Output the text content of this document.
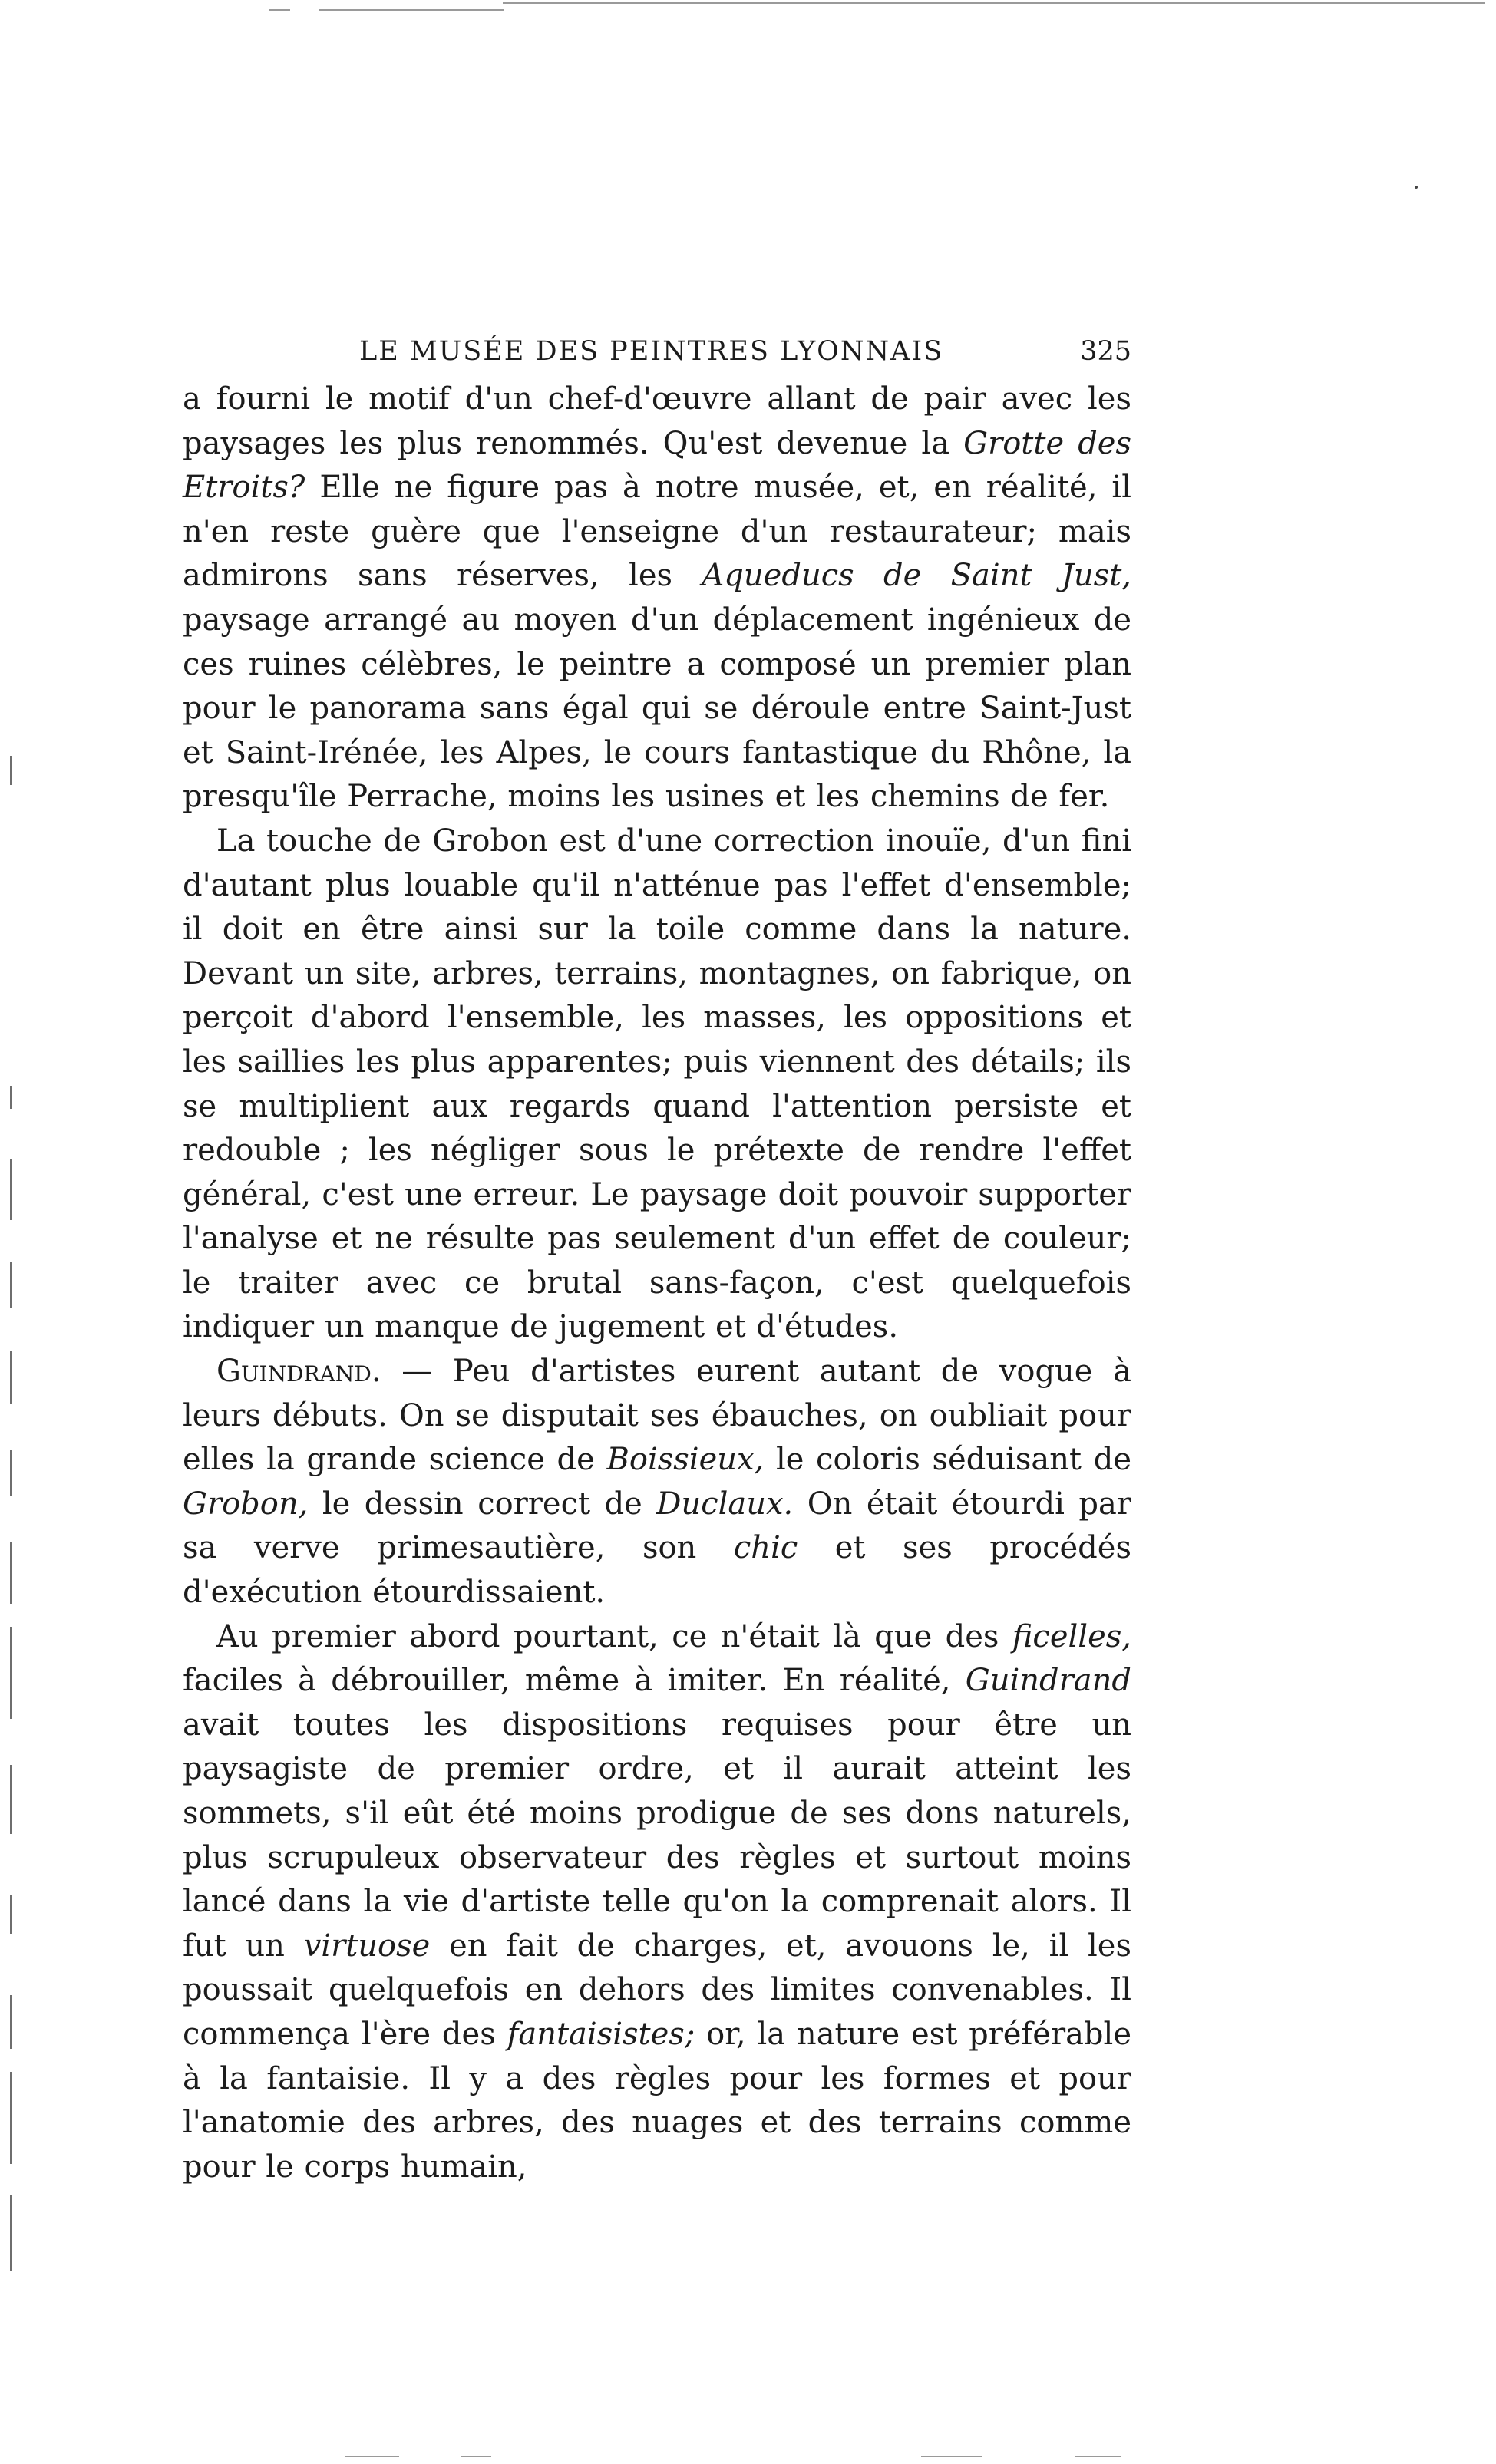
LE MUSÉE DES PEINTRES LYONNAIS	325

a fourni le motif d'un chef-d'œuvre allant de pair avec les paysages les plus renommés. Qu'est devenue la Grotte des Etroits? Elle ne figure pas à notre musée, et, en réalité, il n'en reste guère que l'enseigne d'un restaurateur; mais admirons sans réserves, les Aqueducs de Saint Just, paysage arrangé au moyen d'un déplacement ingénieux de ces ruines célèbres, le peintre a composé un premier plan pour le panorama sans égal qui se déroule entre Saint-Just et Saint-Irénée, les Alpes, le cours fantastique du Rhône, la presqu'île Perrache, moins les usines et les chemins de fer.

La touche de Grobon est d'une correction inouïe, d'un fini d'autant plus louable qu'il n'atténue pas l'effet d'ensemble; il doit en être ainsi sur la toile comme dans la nature. Devant un site, arbres, terrains, montagnes, on fabrique, on perçoit d'abord l'ensemble, les masses, les oppositions et les saillies les plus apparentes; puis viennent des détails; ils se multiplient aux regards quand l'attention persiste et redouble ; les négliger sous le prétexte de rendre l'effet général, c'est une erreur. Le paysage doit pouvoir supporter l'analyse et ne résulte pas seulement d'un effet de couleur; le traiter avec ce brutal sans-façon, c'est quelquefois indiquer un manque de jugement et d'études.

Guindrand. — Peu d'artistes eurent autant de vogue à leurs débuts. On se disputait ses ébauches, on oubliait pour elles la grande science de Boissieux, le coloris séduisant de Grobon, le dessin correct de Duclaux. On était étourdi par sa verve primesautière, son chic et ses procédés d'exécution étourdissaient.

Au premier abord pourtant, ce n'était là que des ficelles, faciles à débrouiller, même à imiter. En réalité, Guindrand avait toutes les dispositions requises pour être un paysagiste de premier ordre, et il aurait atteint les sommets, s'il eût été moins prodigue de ses dons naturels, plus scrupuleux observateur des règles et surtout moins lancé dans la vie d'artiste telle qu'on la comprenait alors. Il fut un virtuose en fait de charges, et, avouons le, il les poussait quelquefois en dehors des limites convenables. Il commença l'ère des fantaisistes; or, la nature est préférable à la fantaisie. Il y a des règles pour les formes et pour l'anatomie des arbres, des nuages et des terrains comme pour le corps humain,
